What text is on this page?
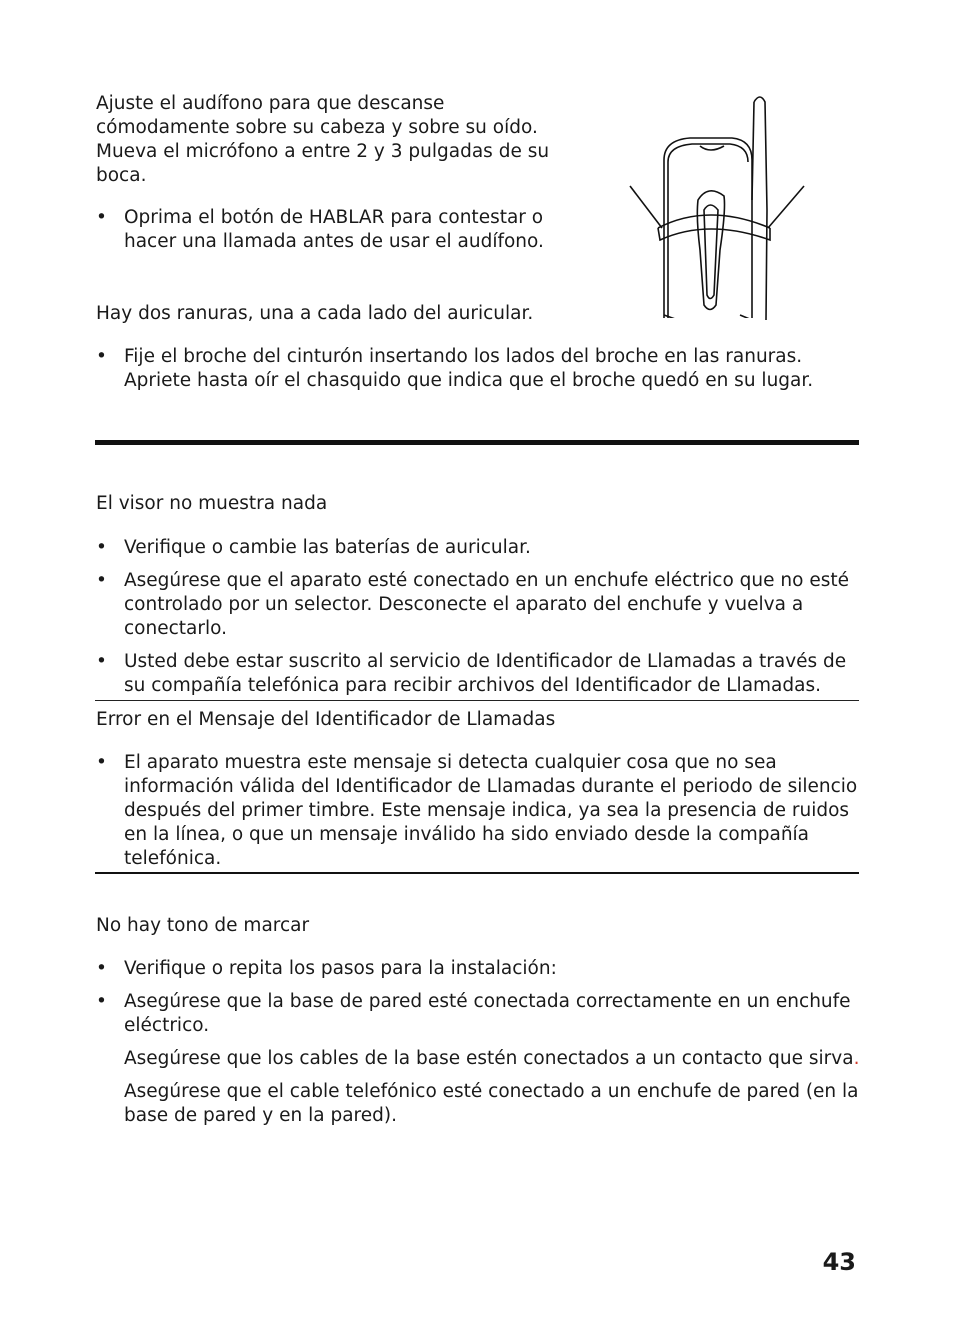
Ajuste el audífono para que descanse
cómodamente sobre su cabeza y sobre su oído.
Mueva el micrófono a entre 2 y 3 pulgadas de su
boca.
• Oprima el botón de HABLAR para contestar o
hacer una llamada antes de usar el audífono.

Hay dos ranuras, una a cada lado del auricular.

• Fije el broche del cinturón insertando los lados del broche en las ranuras.
Apriete hasta oír el chasquido que indica que el broche quedó en su lugar.

El visor no muestra nada

• Verifique o cambie las baterías de auricular.
• Asegúrese que el aparato esté conectado en un enchufe eléctrico que no esté
controlado por un selector. Desconecte el aparato del enchufe y vuelva a
conectarlo.
• Usted debe estar suscrito al servicio de Identificador de Llamadas a través de
su compañía telefónica para recibir archivos del Identificador de Llamadas.

Error en el Mensaje del Identificador de Llamadas

• El aparato muestra este mensaje si detecta cualquier cosa que no sea
información válida del Identificador de Llamadas durante el periodo de silencio
después del primer timbre. Este mensaje indica, ya sea la presencia de ruidos
en la línea, o que un mensaje inválido ha sido enviado desde la compañía
telefónica.

No hay tono de marcar

• Verifique o repita los pasos para la instalación:
• Asegúrese que la base de pared esté conectada correctamente en un enchufe
eléctrico.

Asegúrese que los cables de la base estén conectados a un contacto que sirva.

Asegúrese que el cable telefónico esté conectado a un enchufe de pared (en la
base de pared y en la pared).
43
